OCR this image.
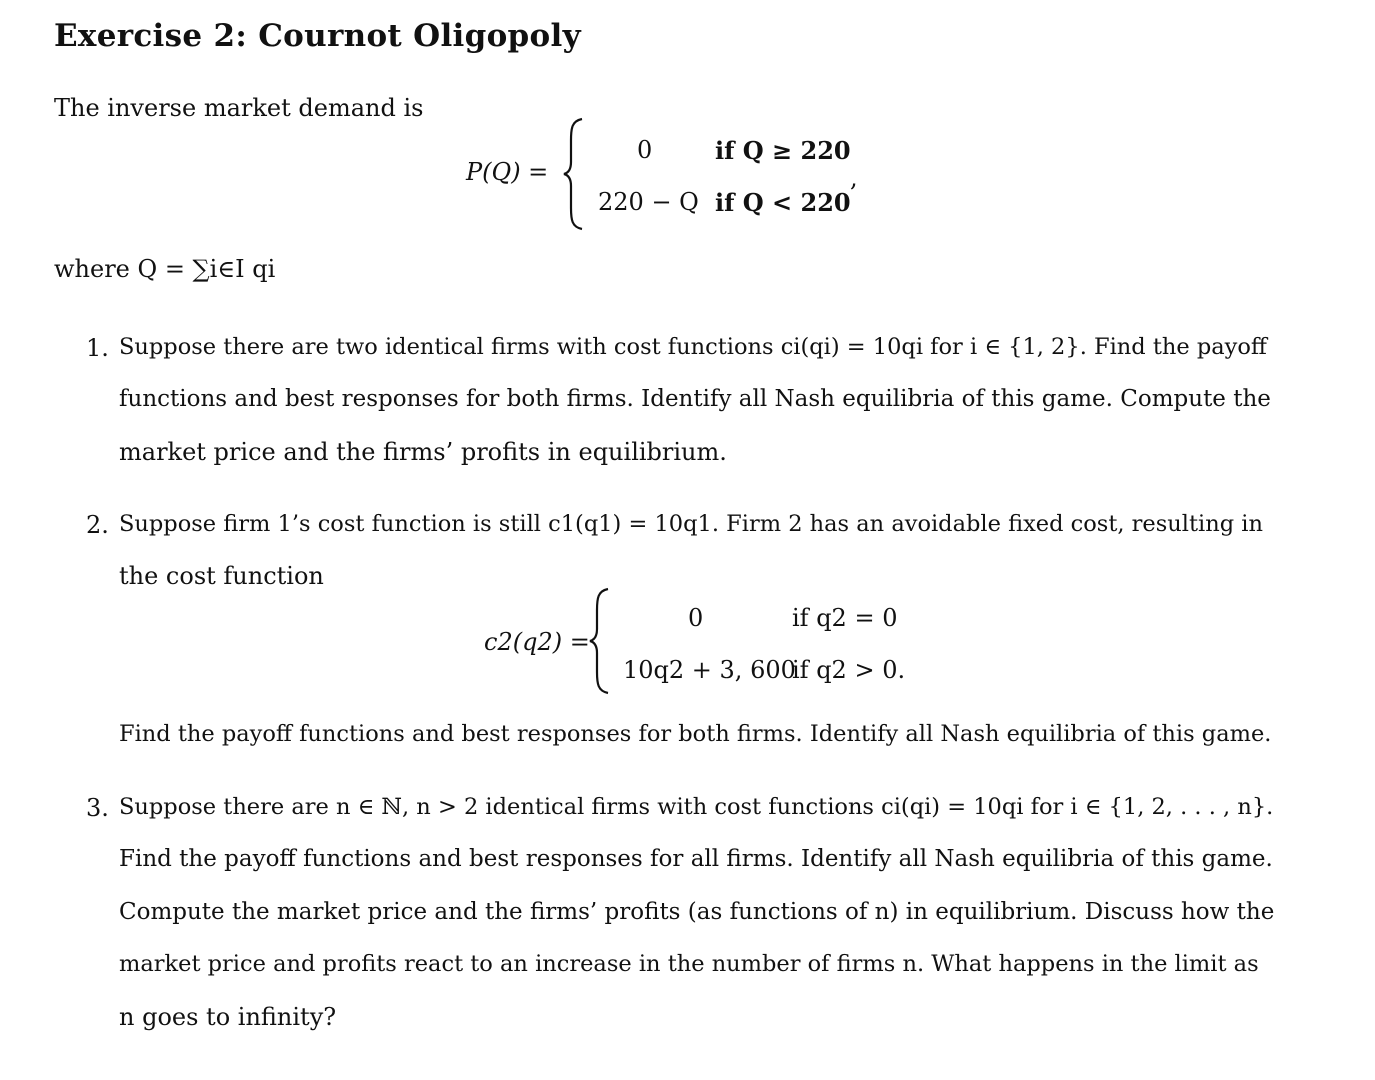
Exercise 2: Cournot Oligopoly
The inverse market demand is
P(Q) =
0	if Q ≥ 220
220 − Q if Q < 220
,
where Q = ∑i∈I qi
1. Suppose there are two identical firms with cost functions ci(qi) = 10qi for i ∈ {1, 2}. Find the payoff
functions and best responses for both firms. Identify all Nash equilibria of this game. Compute the
market price and the firms’ profits in equilibrium.
2. Suppose firm 1’s cost function is still c1(q1) = 10q1. Firm 2 has an avoidable fixed cost, resulting in
the cost function
c2(q2) =
0	if q2 = 0
10q2 + 3, 600
if q2 > 0.
Find the payoff functions and best responses for both firms. Identify all Nash equilibria of this game.
3. Suppose there are n ∈ ℕ, n > 2 identical firms with cost functions ci(qi) = 10qi for i ∈ {1, 2, . . . , n}.
Find the payoff functions and best responses for all firms. Identify all Nash equilibria of this game.
Compute the market price and the firms’ profits (as functions of n) in equilibrium. Discuss how the
market price and profits react to an increase in the number of firms n. What happens in the limit as
n goes to infinity?
